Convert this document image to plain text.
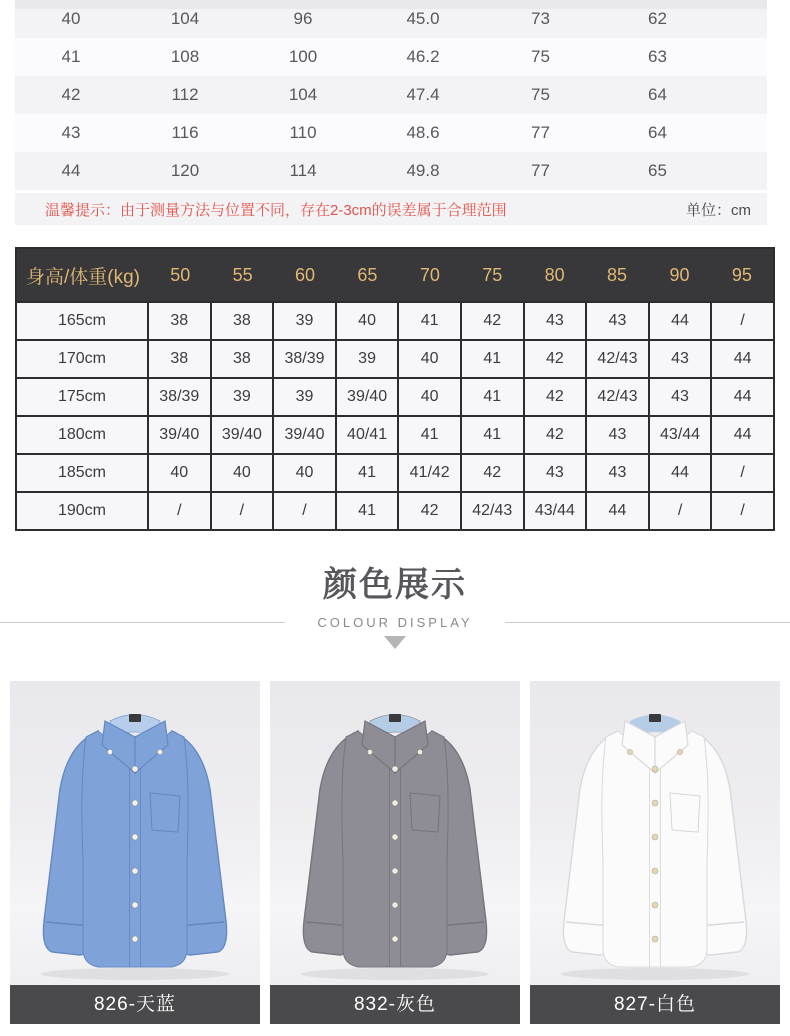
40	104	96	45.0	73	62
41	108	100	46.2	75	63
42	112	104	47.4	75	64
43	116	110	48.6	77	64
44	120	114	49.8	77	65
温馨提示：由于测量方法与位置不同，存在2-3cm的误差属于合理范围	单位：cm
身高/体重(kg)	50	55	60	65	70	75	80	85	90	95
165cm	38	38	39	40	41	42	43	43	44	/
170cm	38	38	38/39	39	40	41	42	42/43	43	44
175cm	38/39	39	39	39/40	40	41	42	42/43	43	44
180cm	39/40	39/40	39/40	40/41	41	41	42	43	43/44	44
185cm	40	40	40	41	41/42	42	43	43	44	/
190cm	/	/	/	41	42	42/43	43/44	44	/	/
颜色展示
COLOUR DISPLAY
826-天蓝	832-灰色	827-白色
